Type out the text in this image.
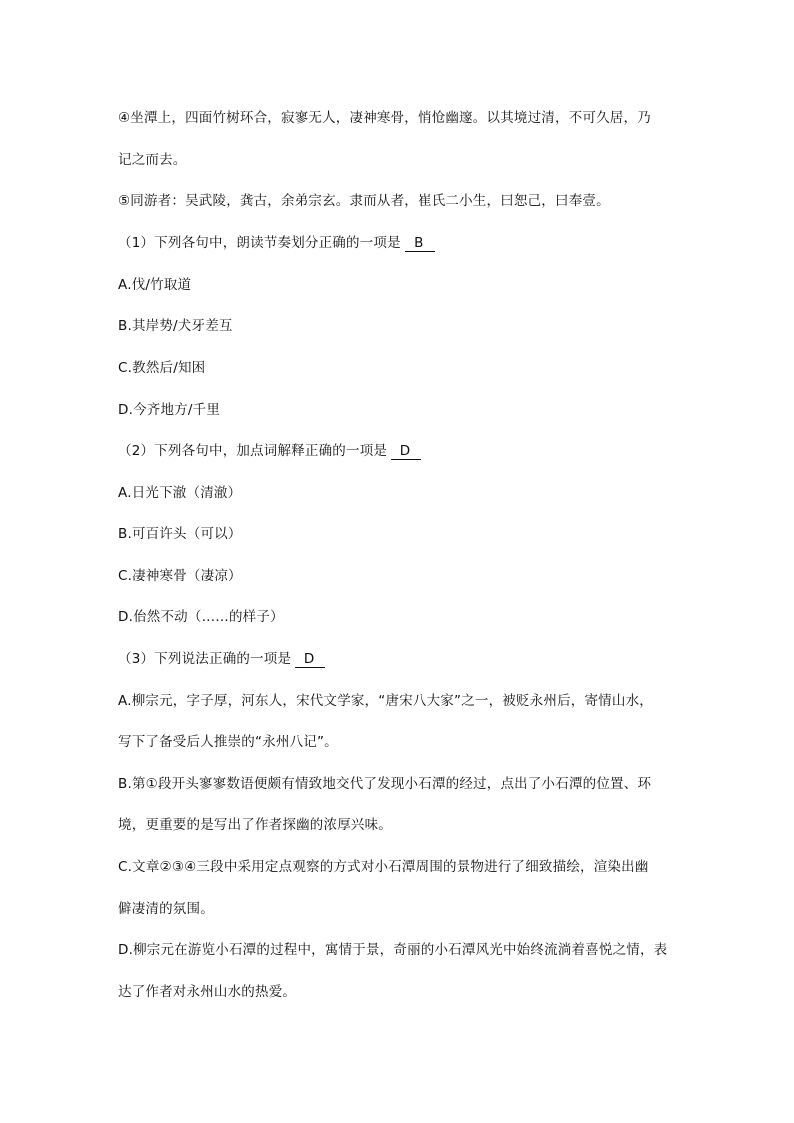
④坐潭上，四面竹树环合，寂寥无人，凄神寒骨，悄怆幽邃。以其境过清，不可久居，乃
记之而去。
⑤同游者：吴武陵，龚古，余弟宗玄。隶而从者，崔氏二小生，曰恕己，曰奉壹。
（1）下列各句中，朗读节奏划分正确的一项是 B
A.伐/竹取道
B.其岸势/犬牙差互
C.教然后/知困
D.今齐地方/千里
（2）下列各句中，加点词解释正确的一项是 D
A.日光下澈（清澈）
B.可百许头（可以）
C.凄神寒骨（凄凉）
D.佁然不动（……的样子）
（3）下列说法正确的一项是 D
A.柳宗元，字子厚，河东人，宋代文学家，“唐宋八大家”之一，被贬永州后，寄情山水，
写下了备受后人推崇的“永州八记”。
B.第①段开头寥寥数语便颇有情致地交代了发现小石潭的经过，点出了小石潭的位置、环
境，更重要的是写出了作者探幽的浓厚兴味。
C.文章②③④三段中采用定点观察的方式对小石潭周围的景物进行了细致描绘，渲染出幽
僻凄清的氛围。
D.柳宗元在游览小石潭的过程中，寓情于景，奇丽的小石潭风光中始终流淌着喜悦之情，表
达了作者对永州山水的热爱。
